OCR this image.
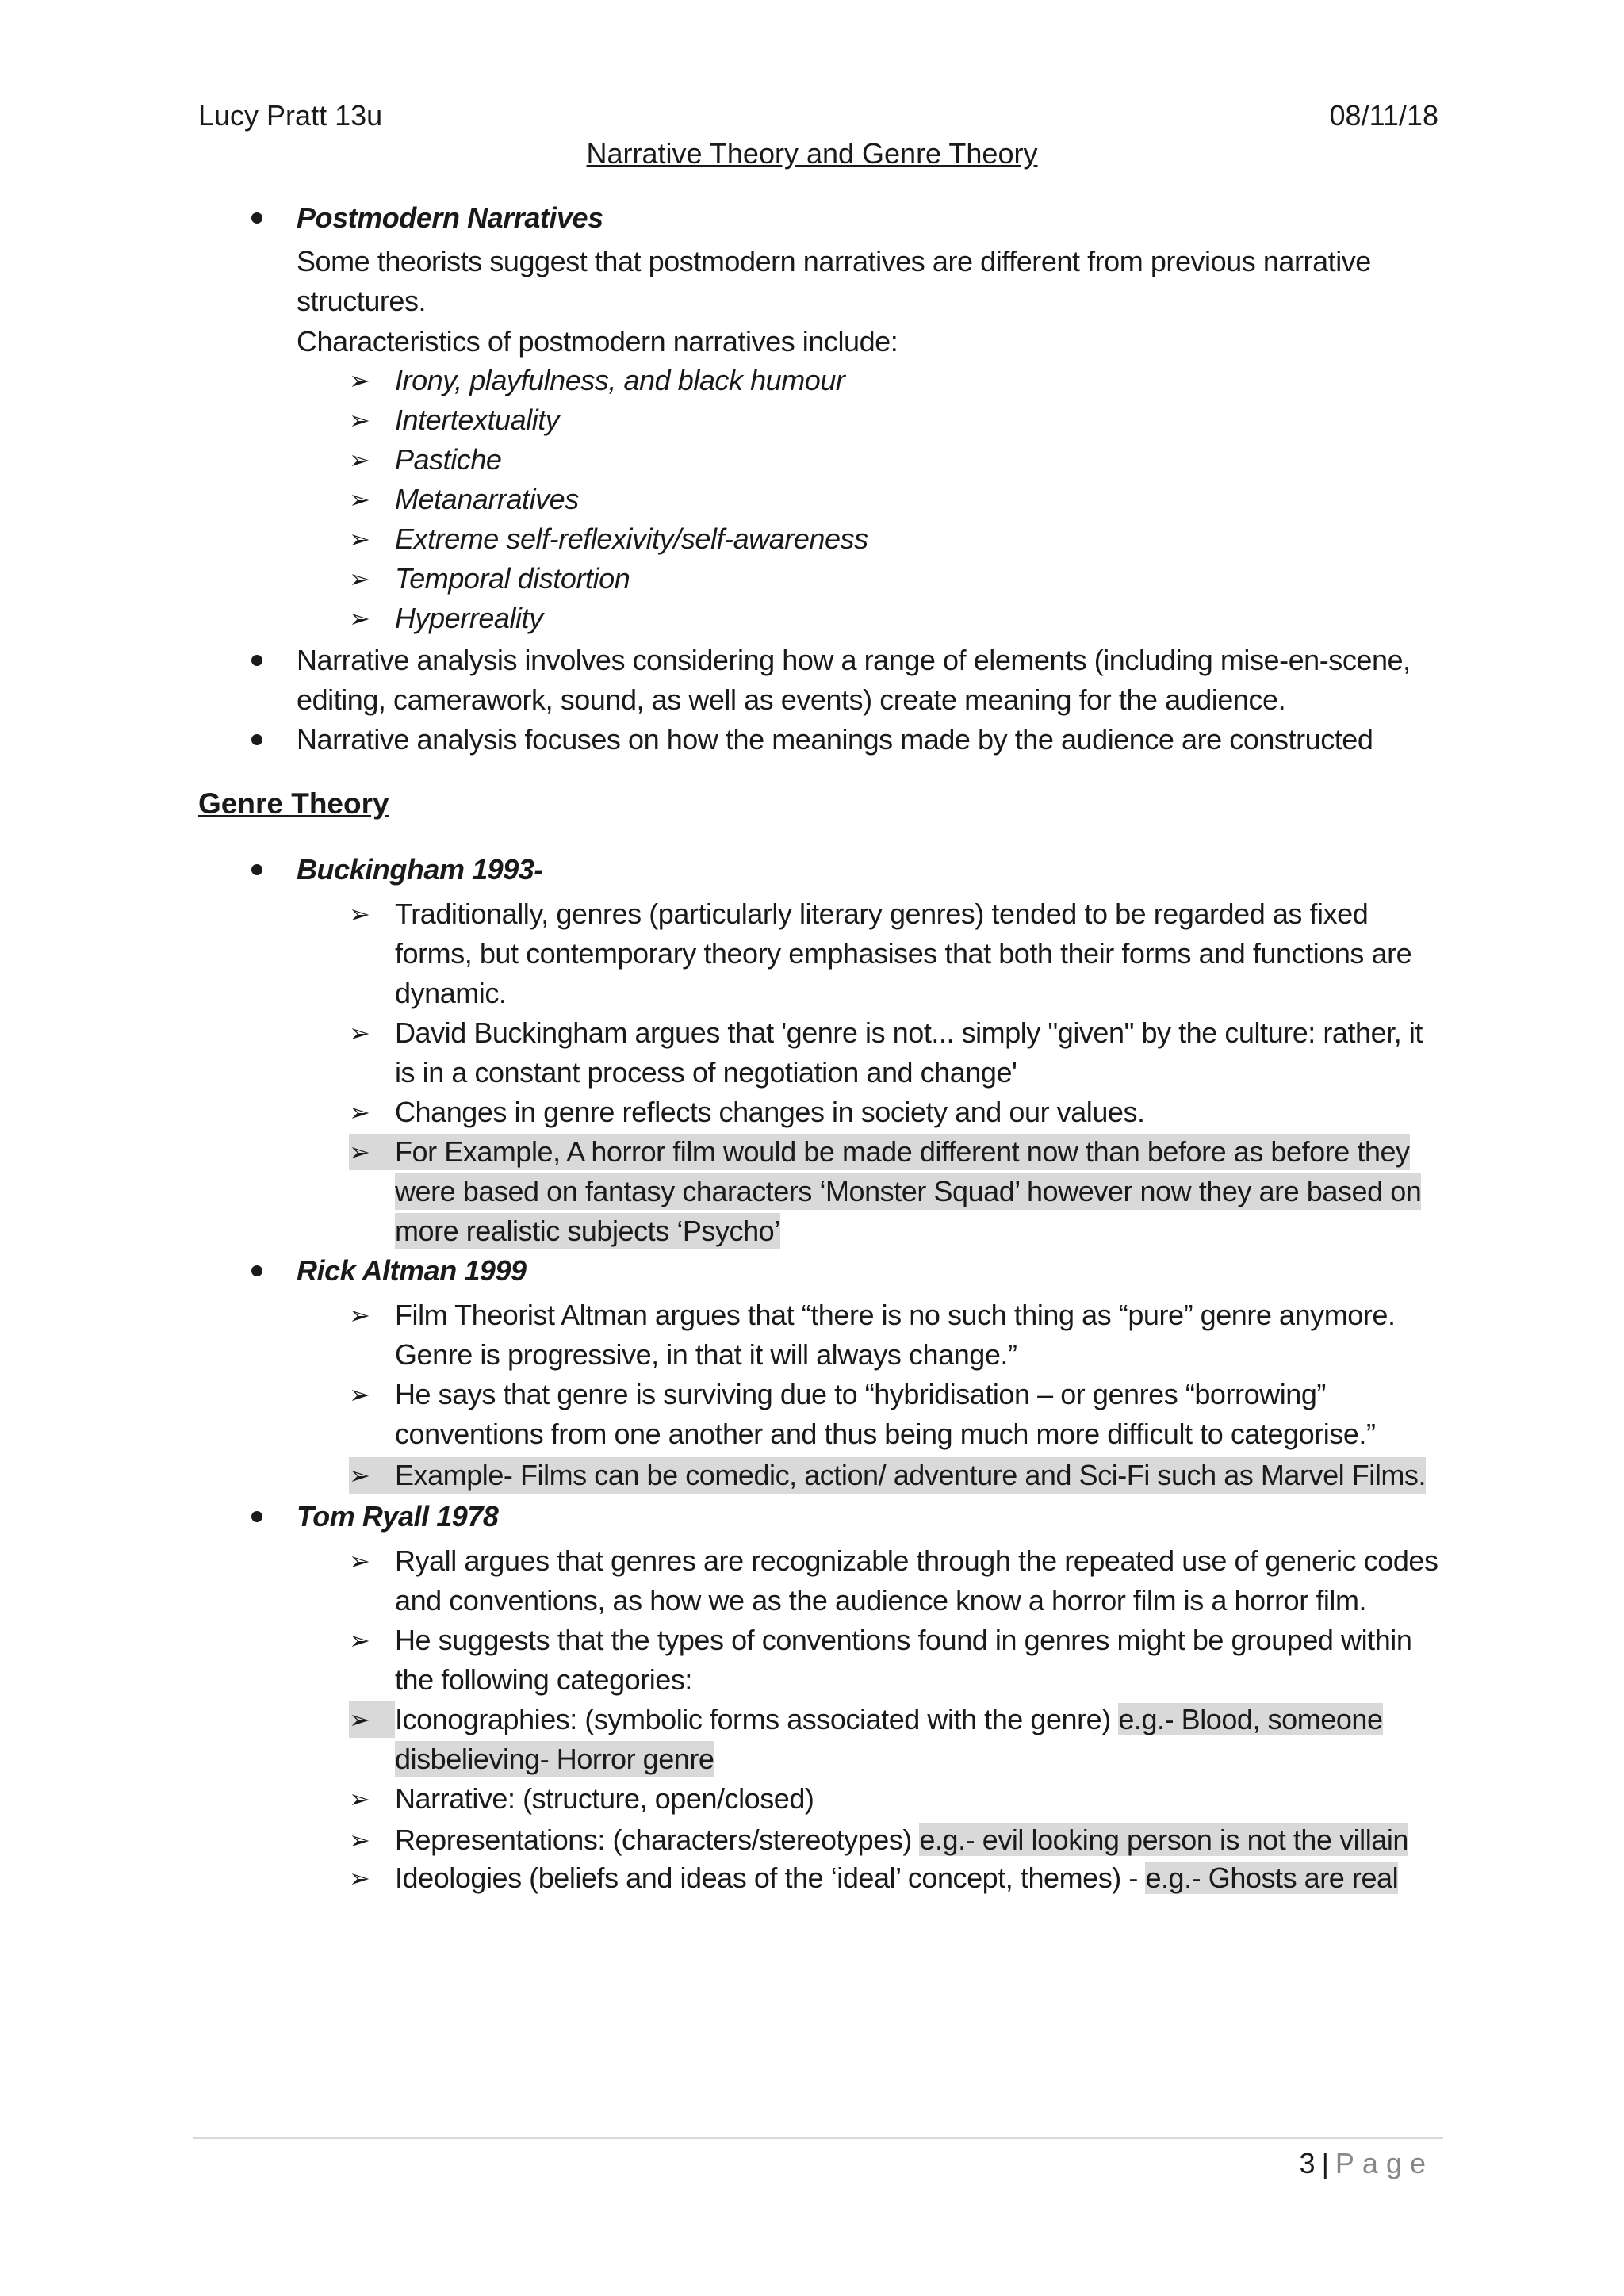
Lucy Pratt 13u	08/11/18
Narrative Theory and Genre Theory
Postmodern Narratives
Some theorists suggest that postmodern narratives are different from previous narrative
structures.
Characteristics of postmodern narratives include:
➢ Irony, playfulness, and black humour
➢ Intertextuality
➢ Pastiche
➢ Metanarratives
➢ Extreme self-reflexivity/self-awareness
➢ Temporal distortion
➢ Hyperreality
Narrative analysis involves considering how a range of elements (including mise-en-scene,
editing, camerawork, sound, as well as events) create meaning for the audience.
Narrative analysis focuses on how the meanings made by the audience are constructed
Genre Theory
Buckingham 1993-
➢ Traditionally, genres (particularly literary genres) tended to be regarded as fixed
forms, but contemporary theory emphasises that both their forms and functions are
dynamic.
➢ David Buckingham argues that 'genre is not... simply "given" by the culture: rather, it
is in a constant process of negotiation and change'
➢ Changes in genre reflects changes in society and our values.
➢ For Example, A horror film would be made different now than before as before they
were based on fantasy characters ‘Monster Squad’ however now they are based on
more realistic subjects ‘Psycho’
Rick Altman 1999
➢ Film Theorist Altman argues that “there is no such thing as “pure” genre anymore.
Genre is progressive, in that it will always change.”
➢ He says that genre is surviving due to “hybridisation – or genres “borrowing”
conventions from one another and thus being much more difficult to categorise.”
➢ Example- Films can be comedic, action/ adventure and Sci-Fi such as Marvel Films.
Tom Ryall 1978
➢ Ryall argues that genres are recognizable through the repeated use of generic codes
and conventions, as how we as the audience know a horror film is a horror film.
➢ He suggests that the types of conventions found in genres might be grouped within
the following categories:
➢ Iconographies: (symbolic forms associated with the genre) e.g.- Blood, someone
disbelieving- Horror genre
➢ Narrative: (structure, open/closed)
➢ Representations: (characters/stereotypes) e.g.- evil looking person is not the villain
➢ Ideologies (beliefs and ideas of the ‘ideal’ concept, themes) - e.g.- Ghosts are real
3 | Page
